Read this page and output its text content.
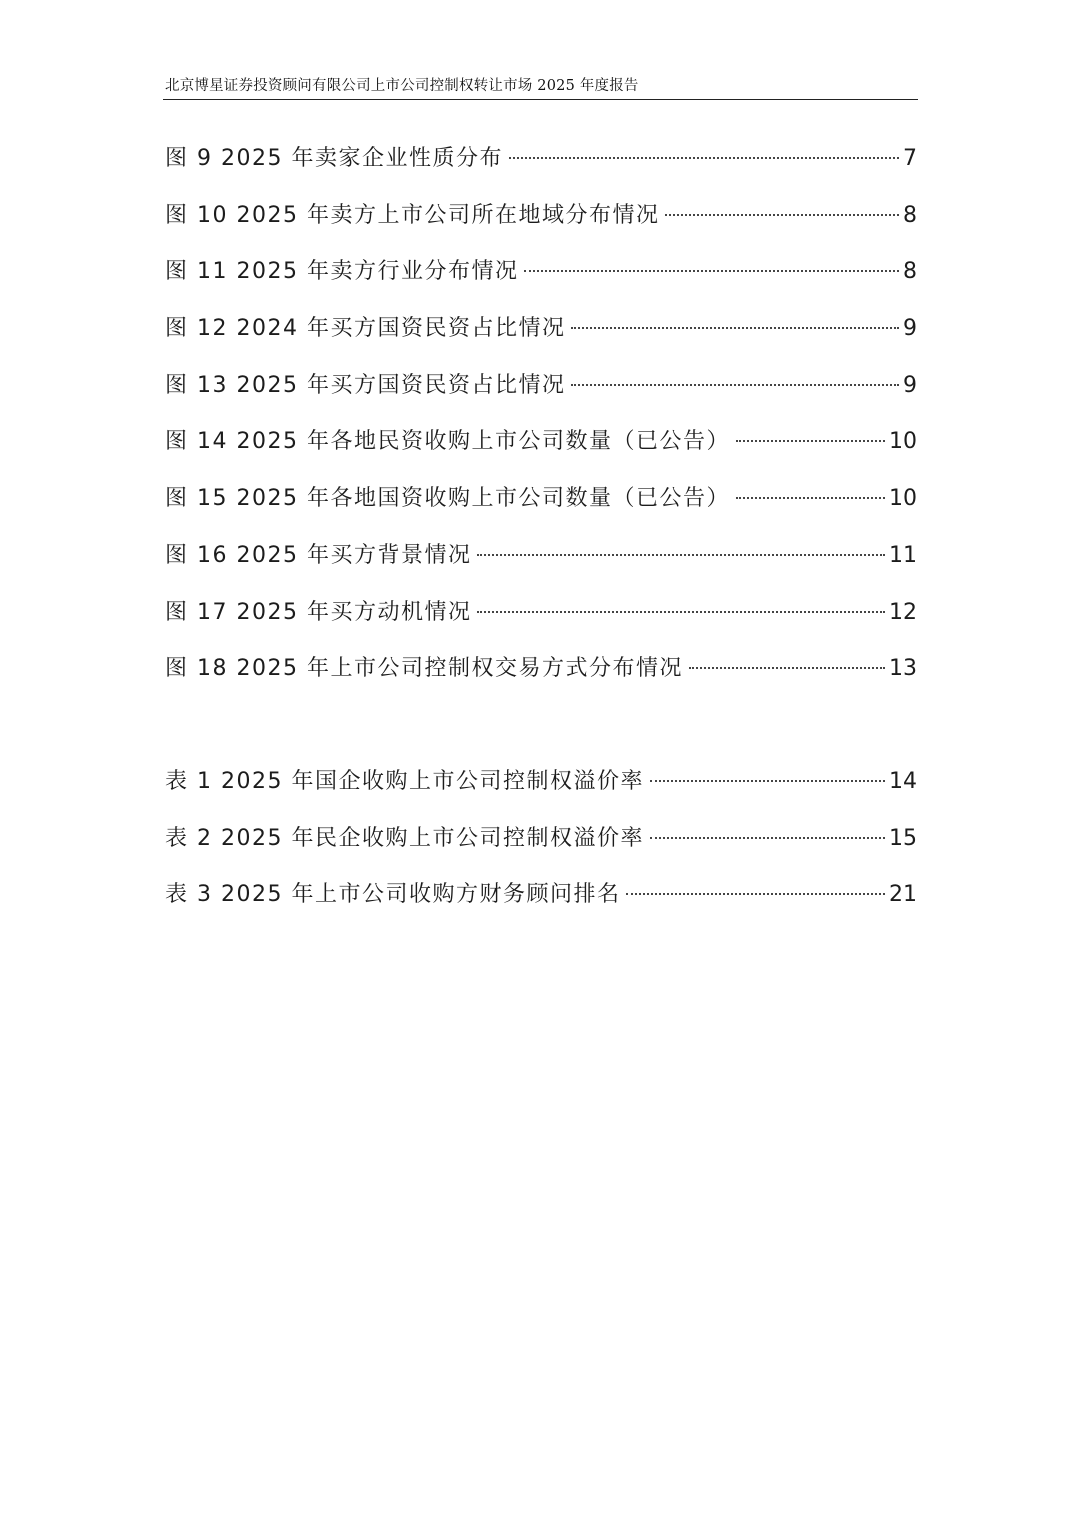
北京博星证券投资顾问有限公司上市公司控制权转让市场 2025 年度报告
图 9 2025 年卖家企业性质分布	7
图 10 2025 年卖方上市公司所在地域分布情况	8
图 11 2025 年卖方行业分布情况	8
图 12 2024 年买方国资民资占比情况	9
图 13 2025 年买方国资民资占比情况	9
图 14 2025 年各地民资收购上市公司数量（已公告）	10
图 15 2025 年各地国资收购上市公司数量（已公告）	10
图 16 2025 年买方背景情况	11
图 17 2025 年买方动机情况	12
图 18 2025 年上市公司控制权交易方式分布情况	13
表 1 2025 年国企收购上市公司控制权溢价率	14
表 2 2025 年民企收购上市公司控制权溢价率	15
表 3 2025 年上市公司收购方财务顾问排名	21
